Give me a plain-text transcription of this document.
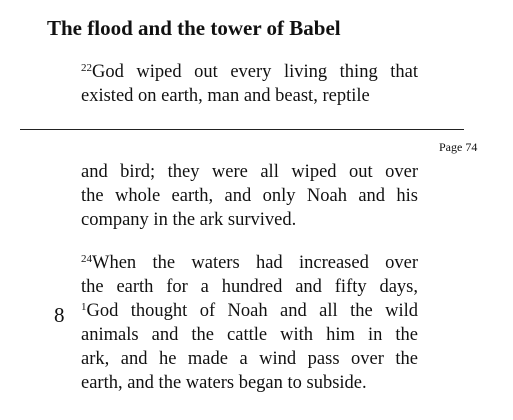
The flood and the tower of Babel
$^{22}$God wiped out every living thing that
existed on earth, man and beast, reptile
Page 74
and bird; they were all wiped out over
the whole earth, and only Noah and his
company in the ark survived.
8
$^{24}$When the waters had increased over
the earth for a hundred and fifty days,
$^1$God thought of Noah and all the wild
animals and the cattle with him in the
ark, and he made a wind pass over the
earth, and the waters began to subside.
